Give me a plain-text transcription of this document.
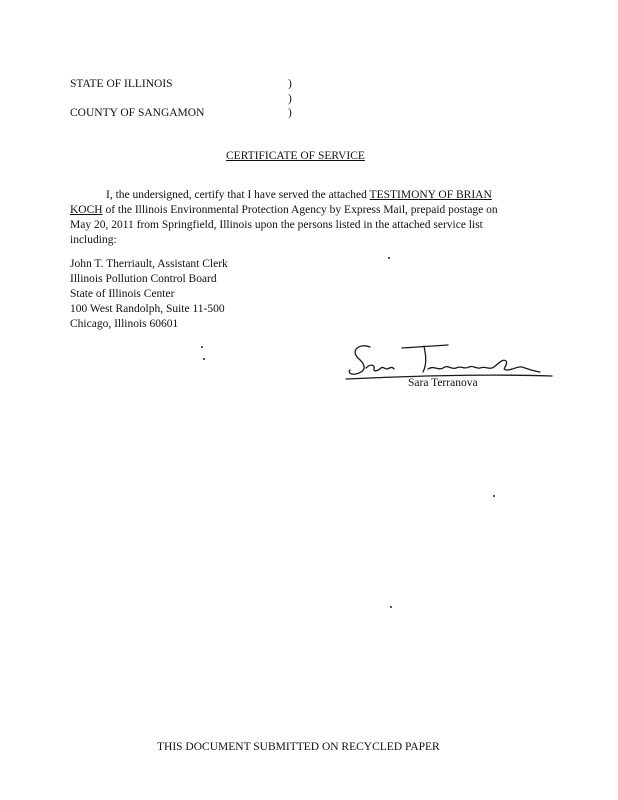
STATE OF ILLINOIS	)
)
COUNTY OF SANGAMON	)
CERTIFICATE OF SERVICE
I, the undersigned, certify that I have served the attached TESTIMONY OF BRIAN
KOCH of the Illinois Environmental Protection Agency by Express Mail, prepaid postage on
May 20, 2011 from Springfield, Illinois upon the persons listed in the attached service list
including:
John T. Therriault, Assistant Clerk
Illinois Pollution Control Board
State of Illinois Center
100 West Randolph, Suite 11-500
Chicago, Illinois 60601
Sara Terranova
THIS DOCUMENT SUBMITTED ON RECYCLED PAPER
